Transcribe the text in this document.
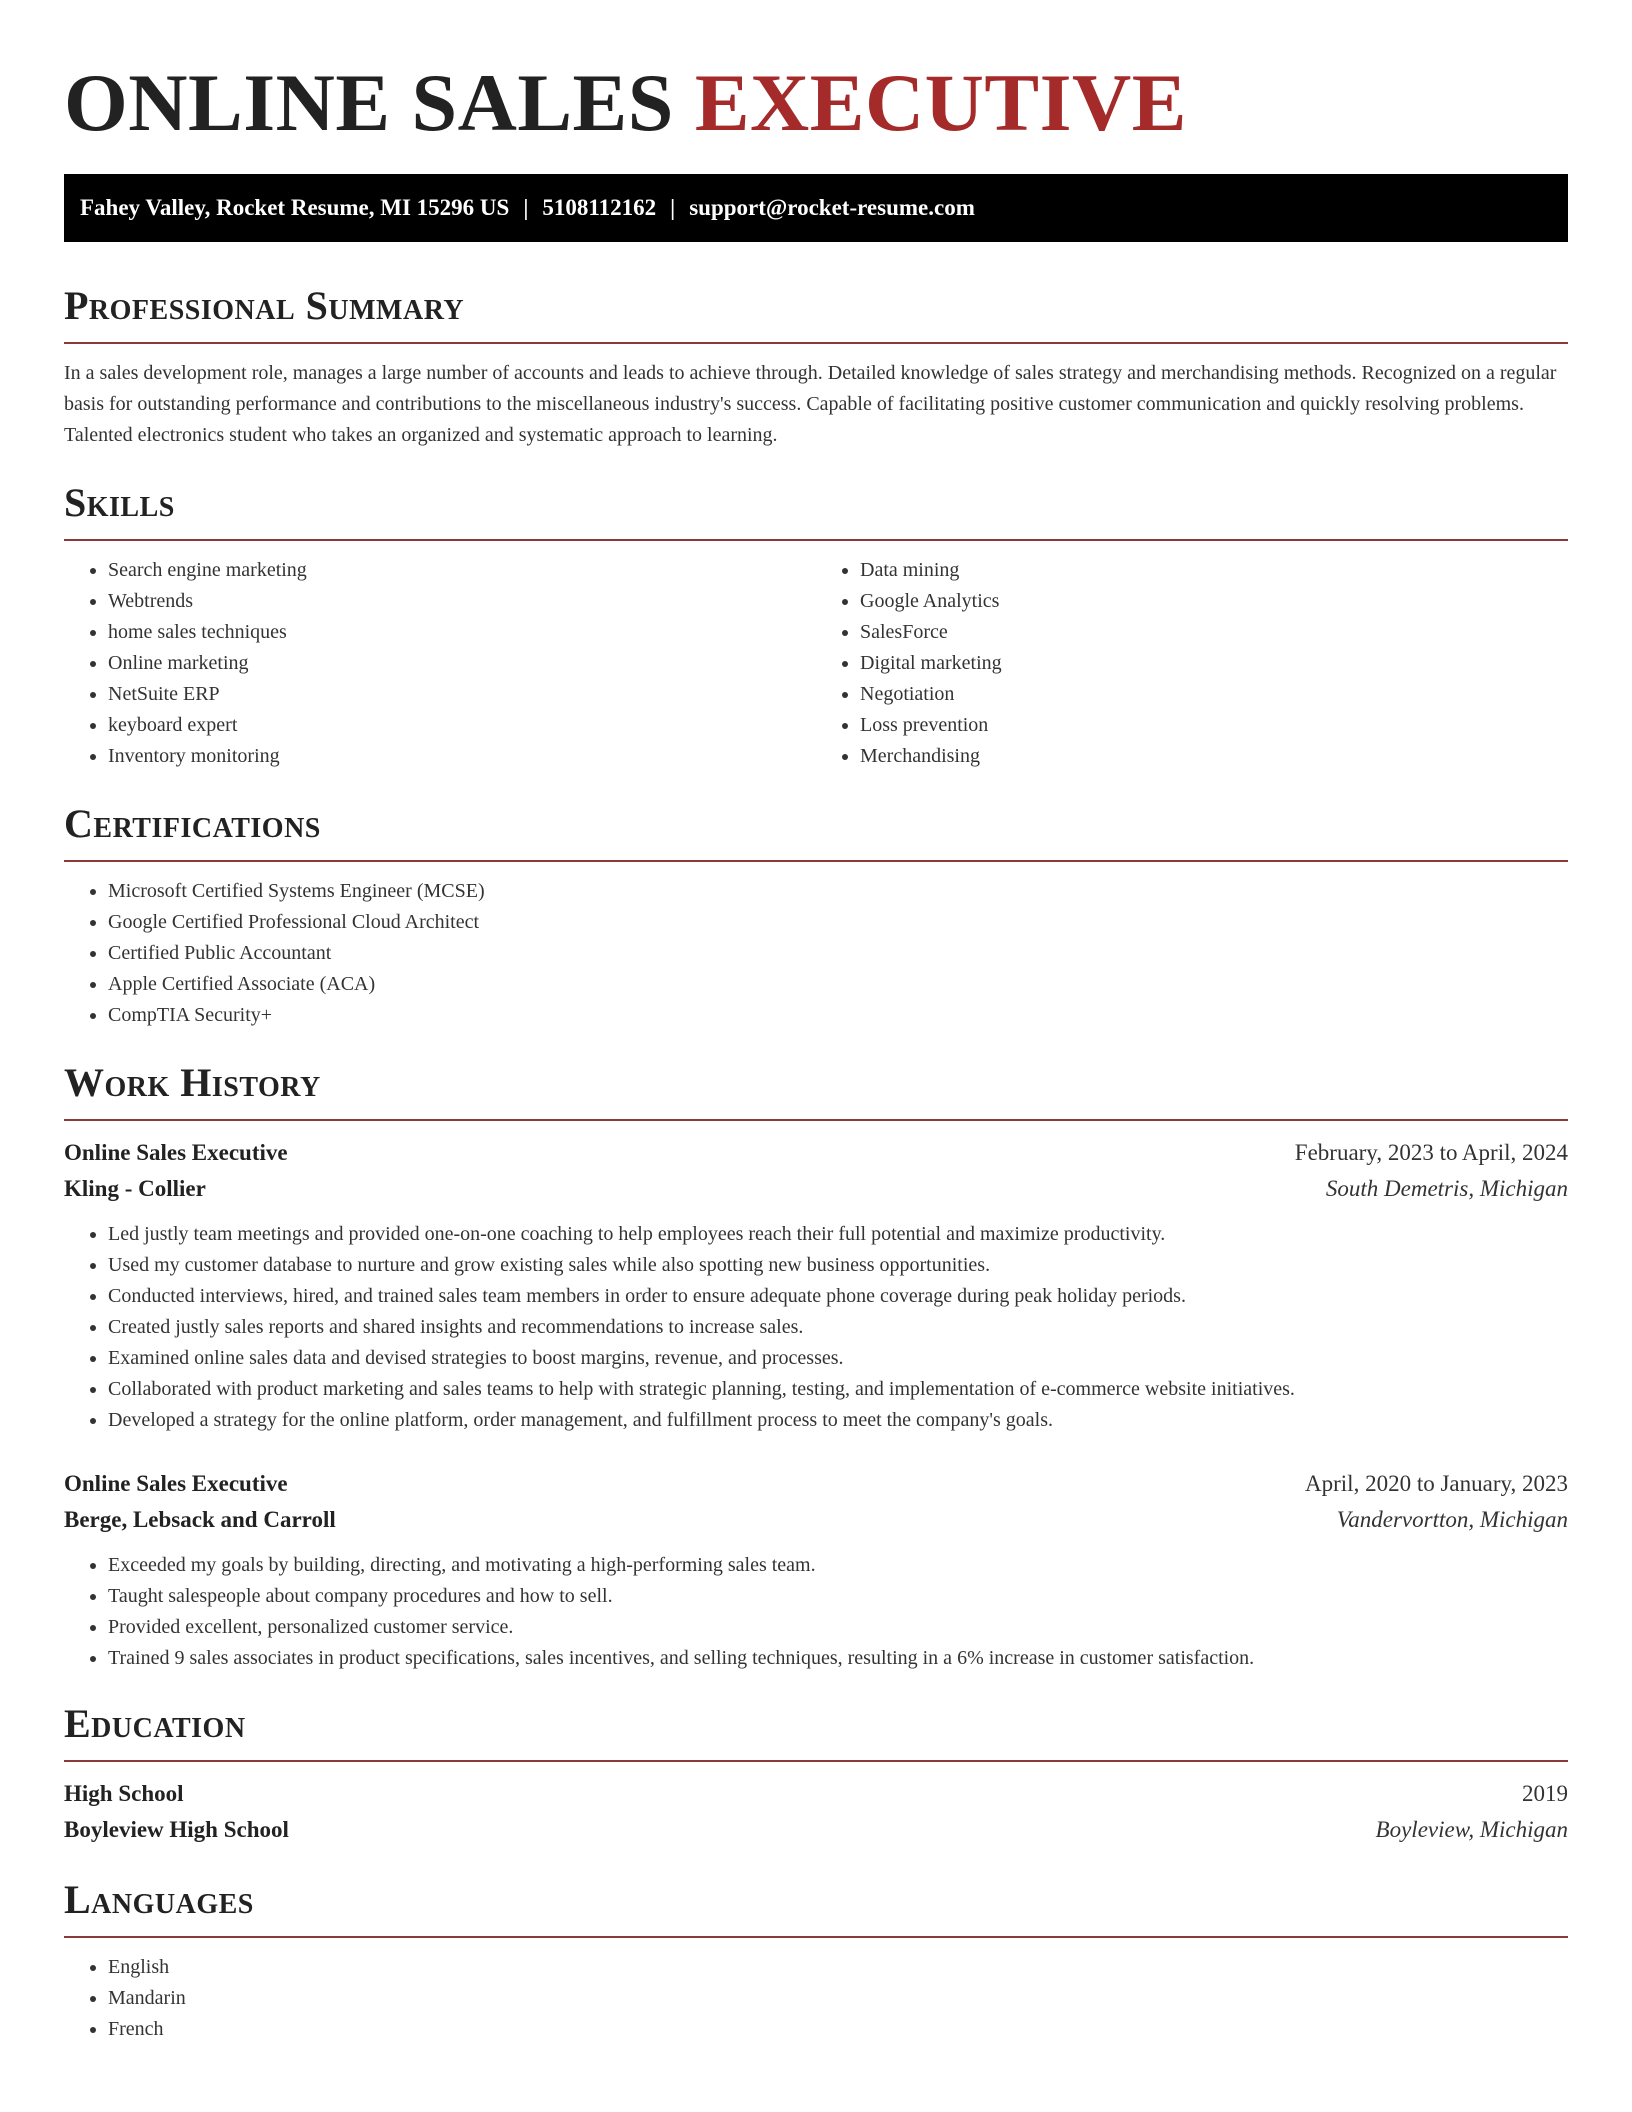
ONLINE SALES EXECUTIVE
Fahey Valley, Rocket Resume, MI 15296 US | 5108112162 | support@rocket-resume.com
Professional Summary

In a sales development role, manages a large number of accounts and leads to achieve through. Detailed knowledge of sales strategy and merchandising methods. Recognized on a regular basis for outstanding performance and contributions to the miscellaneous industry's success. Capable of facilitating positive customer communication and quickly resolving problems. Talented electronics student who takes an organized and systematic approach to learning.

Skills
• Search engine marketing
• Webtrends
• home sales techniques
• Online marketing
• NetSuite ERP
• keyboard expert
• Inventory monitoring
• Data mining
• Google Analytics
• SalesForce
• Digital marketing
• Negotiation
• Loss prevention
• Merchandising
Certifications
• Microsoft Certified Systems Engineer (MCSE)
• Google Certified Professional Cloud Architect
• Certified Public Accountant
• Apple Certified Associate (ACA)
• CompTIA Security+
Work History
Online Sales Executive	February, 2023 to April, 2024
Kling - Collier	South Demetris, Michigan
• Led justly team meetings and provided one-on-one coaching to help employees reach their full potential and maximize productivity.
• Used my customer database to nurture and grow existing sales while also spotting new business opportunities.
• Conducted interviews, hired, and trained sales team members in order to ensure adequate phone coverage during peak holiday periods.
• Created justly sales reports and shared insights and recommendations to increase sales.
• Examined online sales data and devised strategies to boost margins, revenue, and processes.
• Collaborated with product marketing and sales teams to help with strategic planning, testing, and implementation of e-commerce website initiatives.
• Developed a strategy for the online platform, order management, and fulfillment process to meet the company's goals.
Online Sales Executive	April, 2020 to January, 2023
Berge, Lebsack and Carroll	Vandervortton, Michigan
• Exceeded my goals by building, directing, and motivating a high-performing sales team.
• Taught salespeople about company procedures and how to sell.
• Provided excellent, personalized customer service.
• Trained 9 sales associates in product specifications, sales incentives, and selling techniques, resulting in a 6% increase in customer satisfaction.
Education
High School	2019
Boyleview High School	Boyleview, Michigan
Languages
• English
• Mandarin
• French
